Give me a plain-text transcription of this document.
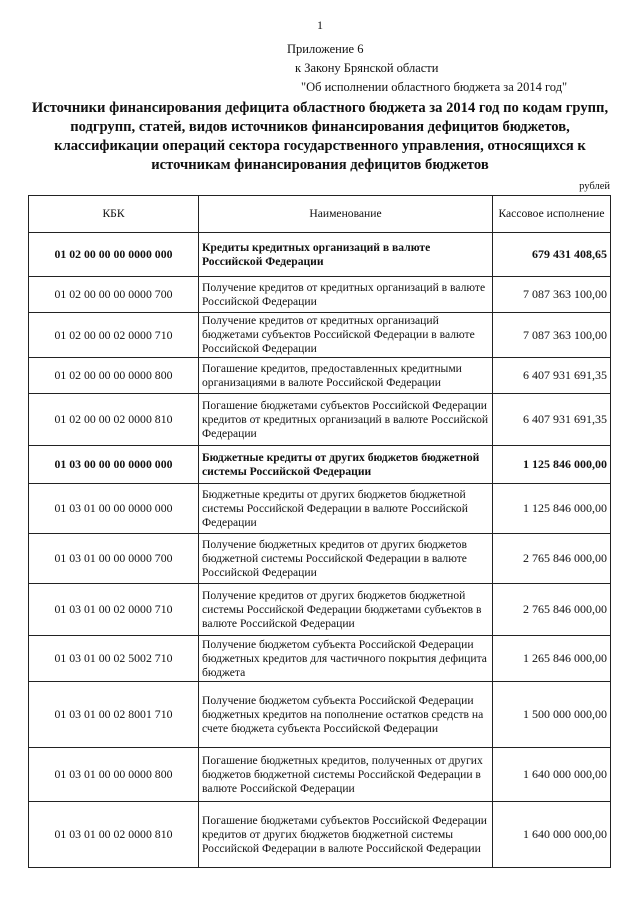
1
Приложение 6
к Закону Брянской области
"Об исполнении областного бюджета за 2014 год"
Источники финансирования дефицита областного бюджета за 2014 год по кодам групп, подгрупп, статей, видов источников финансирования дефицитов бюджетов, классификации операций сектора государственного управления, относящихся к источникам финансирования дефицитов бюджетов
рублей
КБК	Наименование	Кассовое исполнение
01 02 00 00 00 0000 000	Кредиты кредитных организаций в валюте Российской Федерации	679 431 408,65
01 02 00 00 00 0000 700	Получение кредитов от кредитных организаций в валюте Российской Федерации	7 087 363 100,00
01 02 00 00 02 0000 710	Получение кредитов от кредитных организаций бюджетами субъектов Российской Федерации в валюте Российской Федерации	7 087 363 100,00
01 02 00 00 00 0000 800	Погашение кредитов, предоставленных кредитными организациями в валюте Российской Федерации	6 407 931 691,35
01 02 00 00 02 0000 810	Погашение бюджетами субъектов Российской Федерации кредитов от кредитных организаций в валюте Российской Федерации	6 407 931 691,35
01 03 00 00 00 0000 000	Бюджетные кредиты от других бюджетов бюджетной системы Российской Федерации	1 125 846 000,00
01 03 01 00 00 0000 000	Бюджетные кредиты от других бюджетов бюджетной системы Российской Федерации в валюте Российской Федерации	1 125 846 000,00
01 03 01 00 00 0000 700	Получение бюджетных кредитов от других бюджетов бюджетной системы Российской Федерации в валюте Российской Федерации	2 765 846 000,00
01 03 01 00 02 0000 710	Получение кредитов от других бюджетов бюджетной системы Российской Федерации бюджетами субъектов в валюте Российской Федерации	2 765 846 000,00
01 03 01 00 02 5002 710	Получение бюджетом субъекта Российской Федерации бюджетных кредитов для частичного покрытия дефицита бюджета	1 265 846 000,00
01 03 01 00 02 8001 710	Получение бюджетом субъекта Российской Федерации бюджетных кредитов на пополнение остатков средств на счете бюджета субъекта Российской Федерации	1 500 000 000,00
01 03 01 00 00 0000 800	Погашение бюджетных кредитов, полученных от других бюджетов бюджетной системы Российской Федерации в валюте Российской Федерации	1 640 000 000,00
01 03 01 00 02 0000 810	Погашение бюджетами субъектов Российской Федерации кредитов от других бюджетов бюджетной системы Российской Федерации в валюте Российской Федерации	1 640 000 000,00
